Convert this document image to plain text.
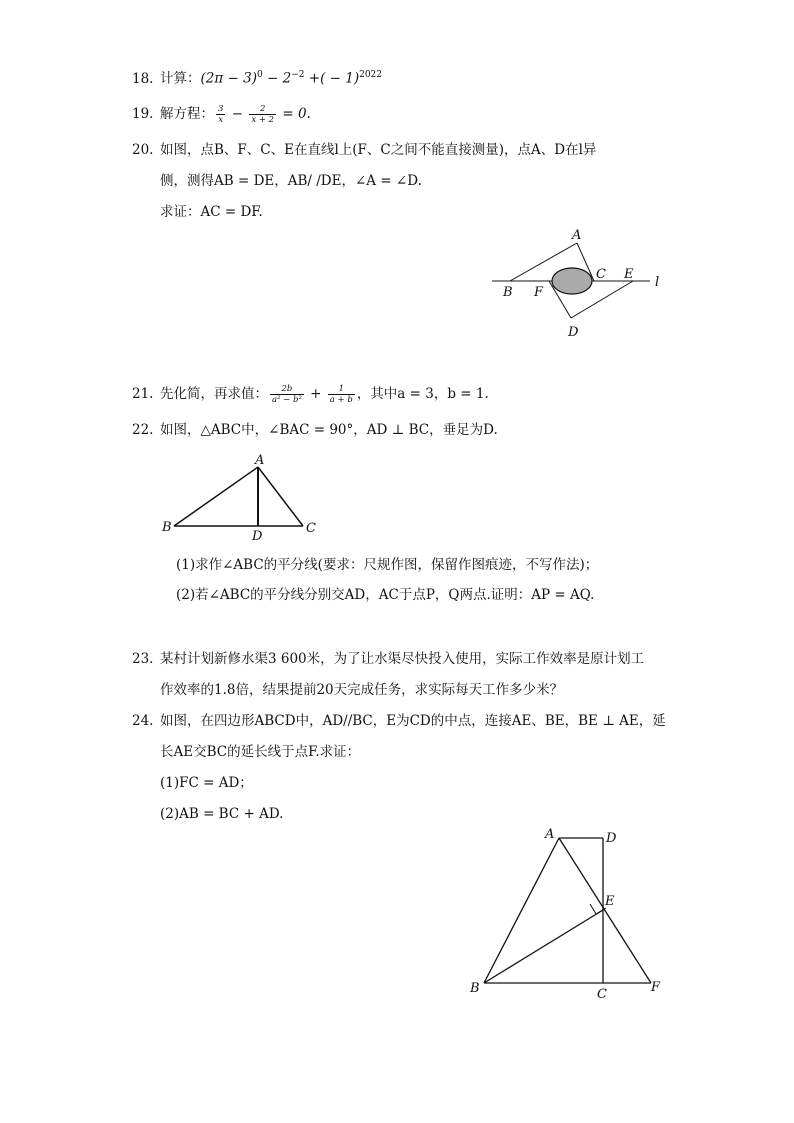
18. 计算：$(2\pi - 3)^0 - 2^{-2}$ +( − 1)$^{2022}$
19. 解方程： $\frac{3}{x} - \frac{2}{x + 2} = 0$.
20. 如图，点B、F、C、E在直线l上(F、C之间不能直接测量)，点A、D在l异
侧，测得AB = DE，AB/ /DE，∠A = ∠D.
求证：AC = DF.
A
B F
C E
l
D
21. 先化简，再求值： $\frac{2b}{\text{a² − b²}} + \frac{1}{a + b}$ ，其中a = 3，b = 1.
22. 如图，△ABC中，∠BAC = 90°，AD ⊥ BC，垂足为D.
A
B
D
C
(1)求作∠ABC的平分线(要求：尺规作图，保留作图痕迹，不写作法)；
(2)若∠ABC的平分线分别交AD，AC于点P，Q两点.证明：AP = AQ.
23. 某村计划新修水渠3 600米，为了让水渠尽快投入使用，实际工作效率是原计划工
作效率的1.8倍，结果提前20天完成任务，求实际每天工作多少米？
24. 如图，在四边形ABCD中，AD//BC，E为CD的中点，连接AE、BE，BE ⊥ AE，延
长AE交BC的延长线于点F.求证：
(1)FC = AD；
(2)AB = BC + AD.
A	D
E
B	C	F
